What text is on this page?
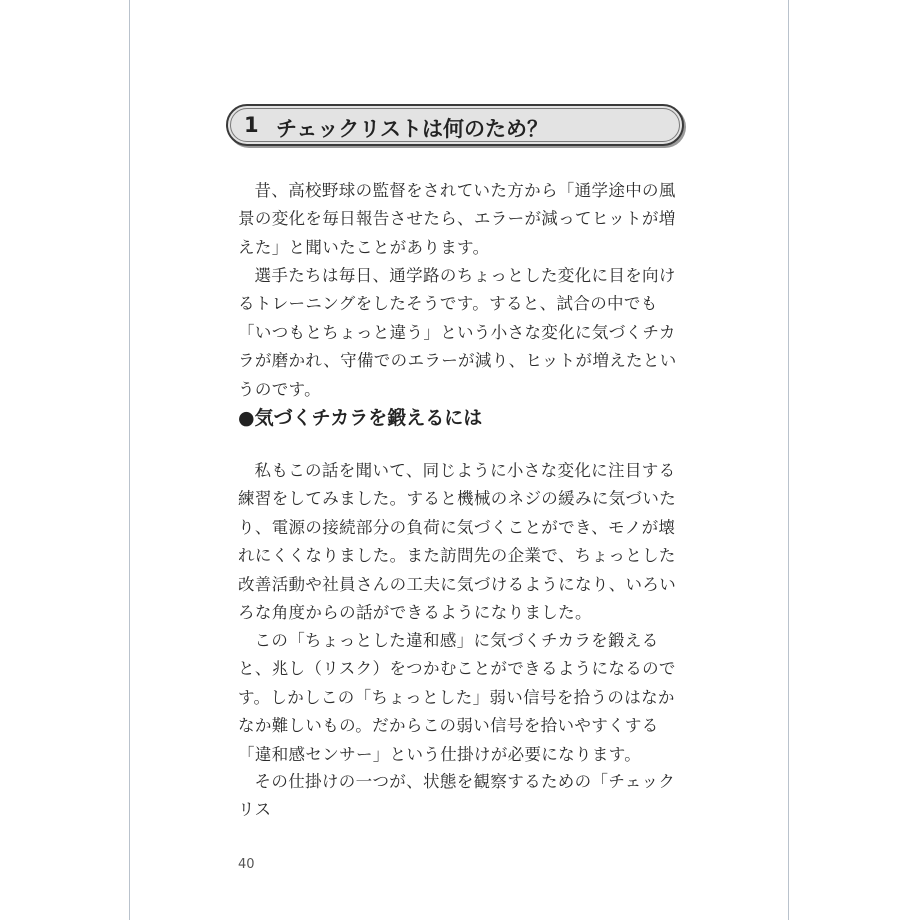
1 チェックリストは何のため？

昔、高校野球の監督をされていた方から「通学途中の風景の変化を毎日報告させたら、エラーが減ってヒットが増えた」と聞いたことがあります。

選手たちは毎日、通学路のちょっとした変化に目を向けるトレーニングをしたそうです。すると、試合の中でも「いつもとちょっと違う」という小さな変化に気づくチカラが磨かれ、守備でのエラーが減り、ヒットが増えたというのです。

●気づくチカラを鍛えるには

私もこの話を聞いて、同じように小さな変化に注目する練習をしてみました。すると機械のネジの緩みに気づいたり、電源の接続部分の負荷に気づくことができ、モノが壊れにくくなりました。また訪問先の企業で、ちょっとした改善活動や社員さんの工夫に気づけるようになり、いろいろな角度からの話ができるようになりました。

この「ちょっとした違和感」に気づくチカラを鍛えると、兆し（リスク）をつかむことができるようになるのです。しかしこの「ちょっとした」弱い信号を拾うのはなかなか難しいもの。だからこの弱い信号を拾いやすくする「違和感センサー」という仕掛けが必要になります。

その仕掛けの一つが、状態を観察するための「チェックリス

40
